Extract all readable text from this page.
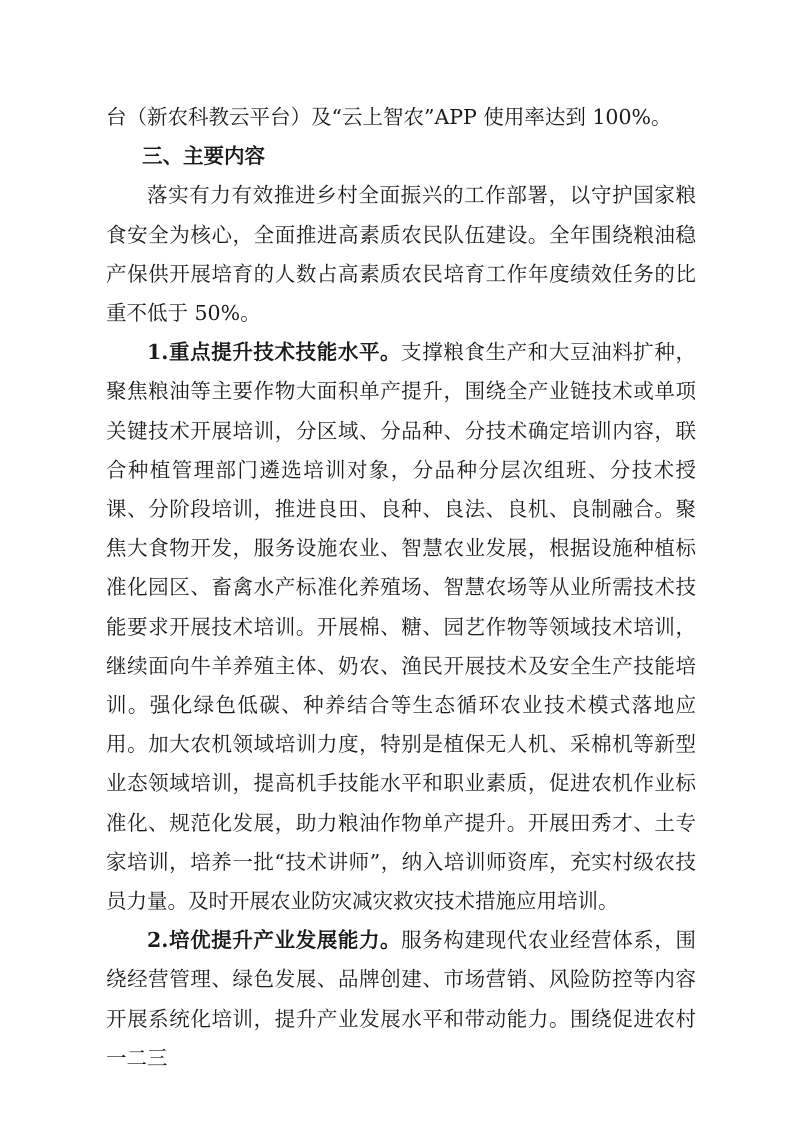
台（新农科教云平台）及“云上智农”APP 使用率达到 100%。

三、主要内容

落实有力有效推进乡村全面振兴的工作部署，以守护国家粮食安全为核心，全面推进高素质农民队伍建设。全年围绕粮油稳产保供开展培育的人数占高素质农民培育工作年度绩效任务的比重不低于 50%。

1.重点提升技术技能水平。支撑粮食生产和大豆油料扩种，聚焦粮油等主要作物大面积单产提升，围绕全产业链技术或单项关键技术开展培训，分区域、分品种、分技术确定培训内容，联合种植管理部门遴选培训对象，分品种分层次组班、分技术授课、分阶段培训，推进良田、良种、良法、良机、良制融合。聚焦大食物开发，服务设施农业、智慧农业发展，根据设施种植标准化园区、畜禽水产标准化养殖场、智慧农场等从业所需技术技能要求开展技术培训。开展棉、糖、园艺作物等领域技术培训，继续面向牛羊养殖主体、奶农、渔民开展技术及安全生产技能培训。强化绿色低碳、种养结合等生态循环农业技术模式落地应用。加大农机领域培训力度，特别是植保无人机、采棉机等新型业态领域培训，提高机手技能水平和职业素质，促进农机作业标准化、规范化发展，助力粮油作物单产提升。开展田秀才、土专家培训，培养一批“技术讲师”，纳入培训师资库，充实村级农技员力量。及时开展农业防灾减灾救灾技术措施应用培训。

2.培优提升产业发展能力。服务构建现代农业经营体系，围绕经营管理、绿色发展、品牌创建、市场营销、风险防控等内容开展系统化培训，提升产业发展水平和带动能力。围绕促进农村一二三
